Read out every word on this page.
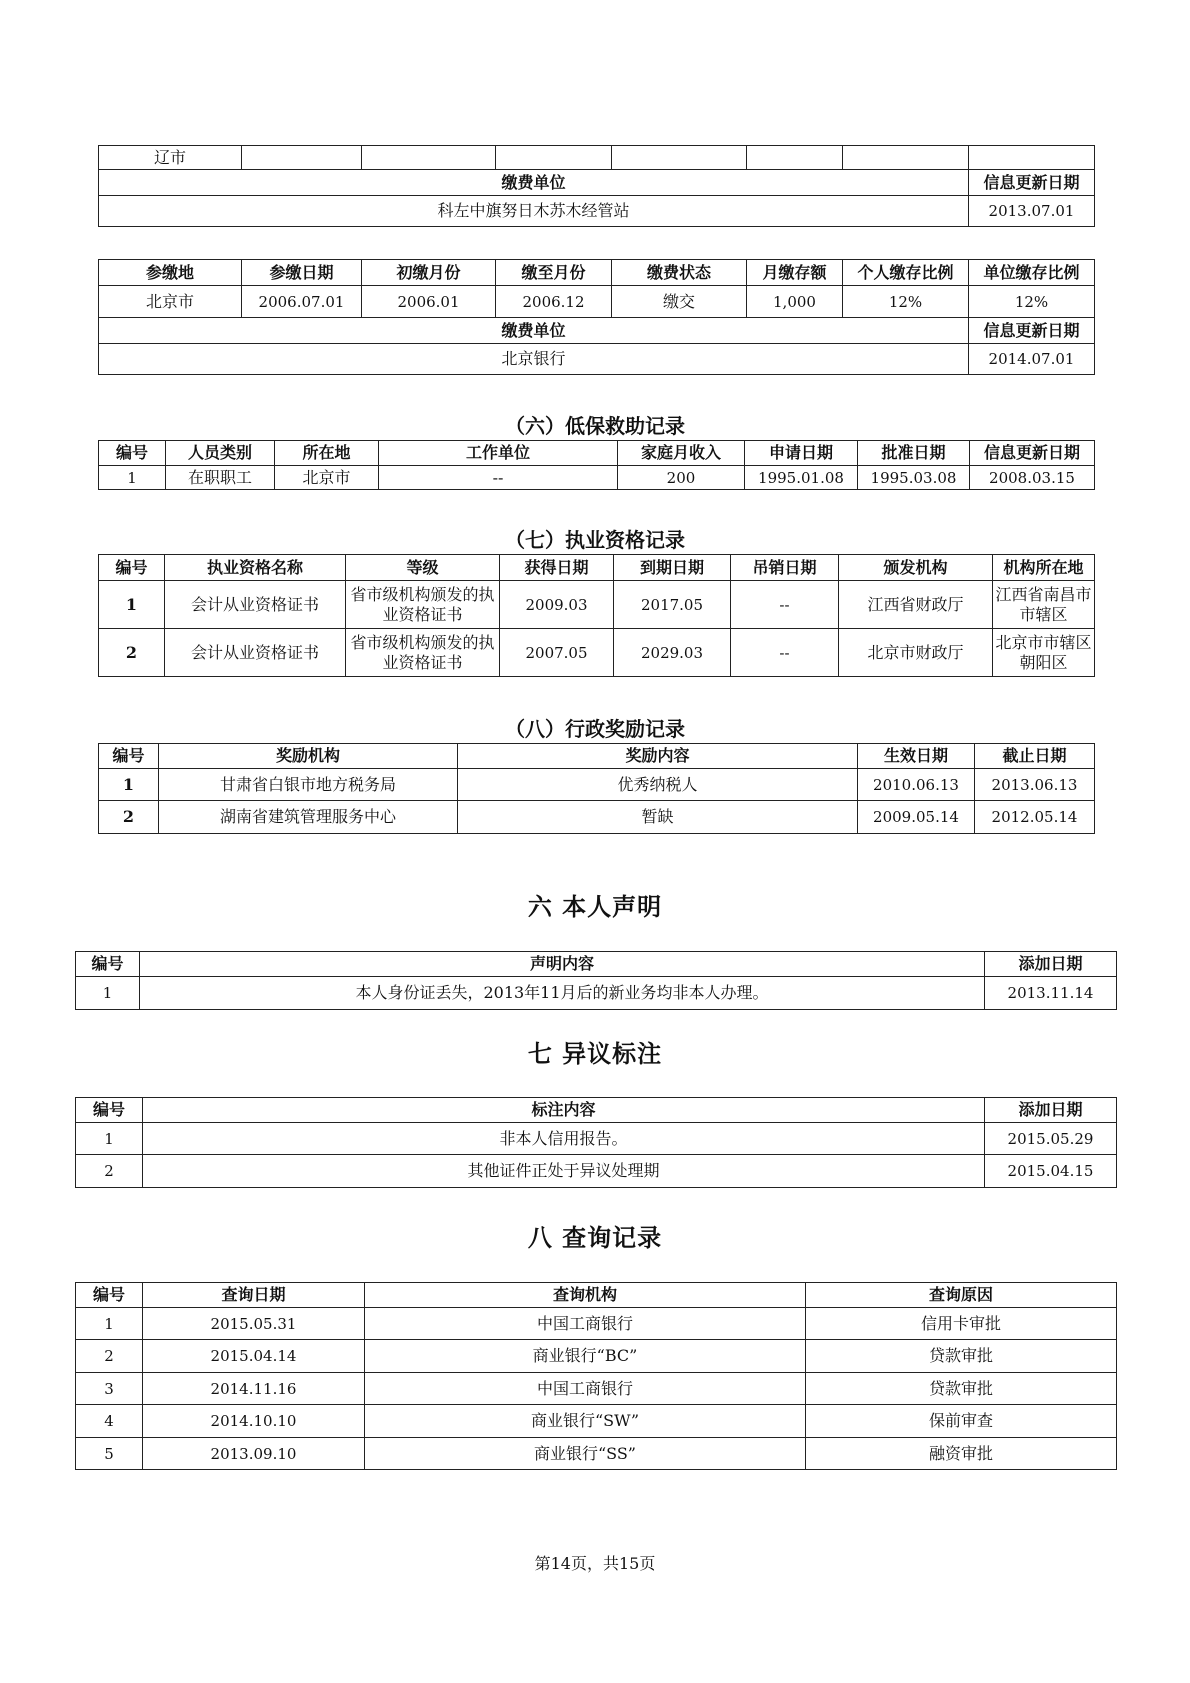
辽市							
缴费单位							信息更新日期
科左中旗努日木苏木经管站							2013.07.01
参缴地	参缴日期	初缴月份	缴至月份	缴费状态	月缴存额	个人缴存比例	单位缴存比例
北京市	2006.07.01	2006.01	2006.12	缴交	1,000	12%	12%
缴费单位							信息更新日期
北京银行							2014.07.01
（六）低保救助记录
编号	人员类别	所在地	工作单位	家庭月收入	申请日期	批准日期	信息更新日期
1	在职职工	北京市	--	200	1995.01.08	1995.03.08	2008.03.15
（七）执业资格记录
编号	执业资格名称	等级	获得日期	到期日期	吊销日期	颁发机构	机构所在地
1	会计从业资格证书	省市级机构颁发的执业资格证书	2009.03	2017.05	--	江西省财政厅	江西省南昌市市辖区
2	会计从业资格证书	省市级机构颁发的执业资格证书	2007.05	2029.03	--	北京市财政厅	北京市市辖区朝阳区
（八）行政奖励记录
编号	奖励机构	奖励内容	生效日期	截止日期
1	甘肃省白银市地方税务局	优秀纳税人	2010.06.13	2013.06.13
2	湖南省建筑管理服务中心	暂缺	2009.05.14	2012.05.14
六 本人声明
编号	声明内容	添加日期
1	本人身份证丢失，2013年11月后的新业务均非本人办理。	2013.11.14
七 异议标注
编号	标注内容	添加日期
1	非本人信用报告。	2015.05.29
2	其他证件正处于异议处理期	2015.04.15
八 查询记录
编号	查询日期	查询机构	查询原因
1	2015.05.31	中国工商银行	信用卡审批
2	2015.04.14	商业银行“BC”	贷款审批
3	2014.11.16	中国工商银行	贷款审批
4	2014.10.10	商业银行“SW”	保前审查
5	2013.09.10	商业银行“SS”	融资审批
第14页，共15页
